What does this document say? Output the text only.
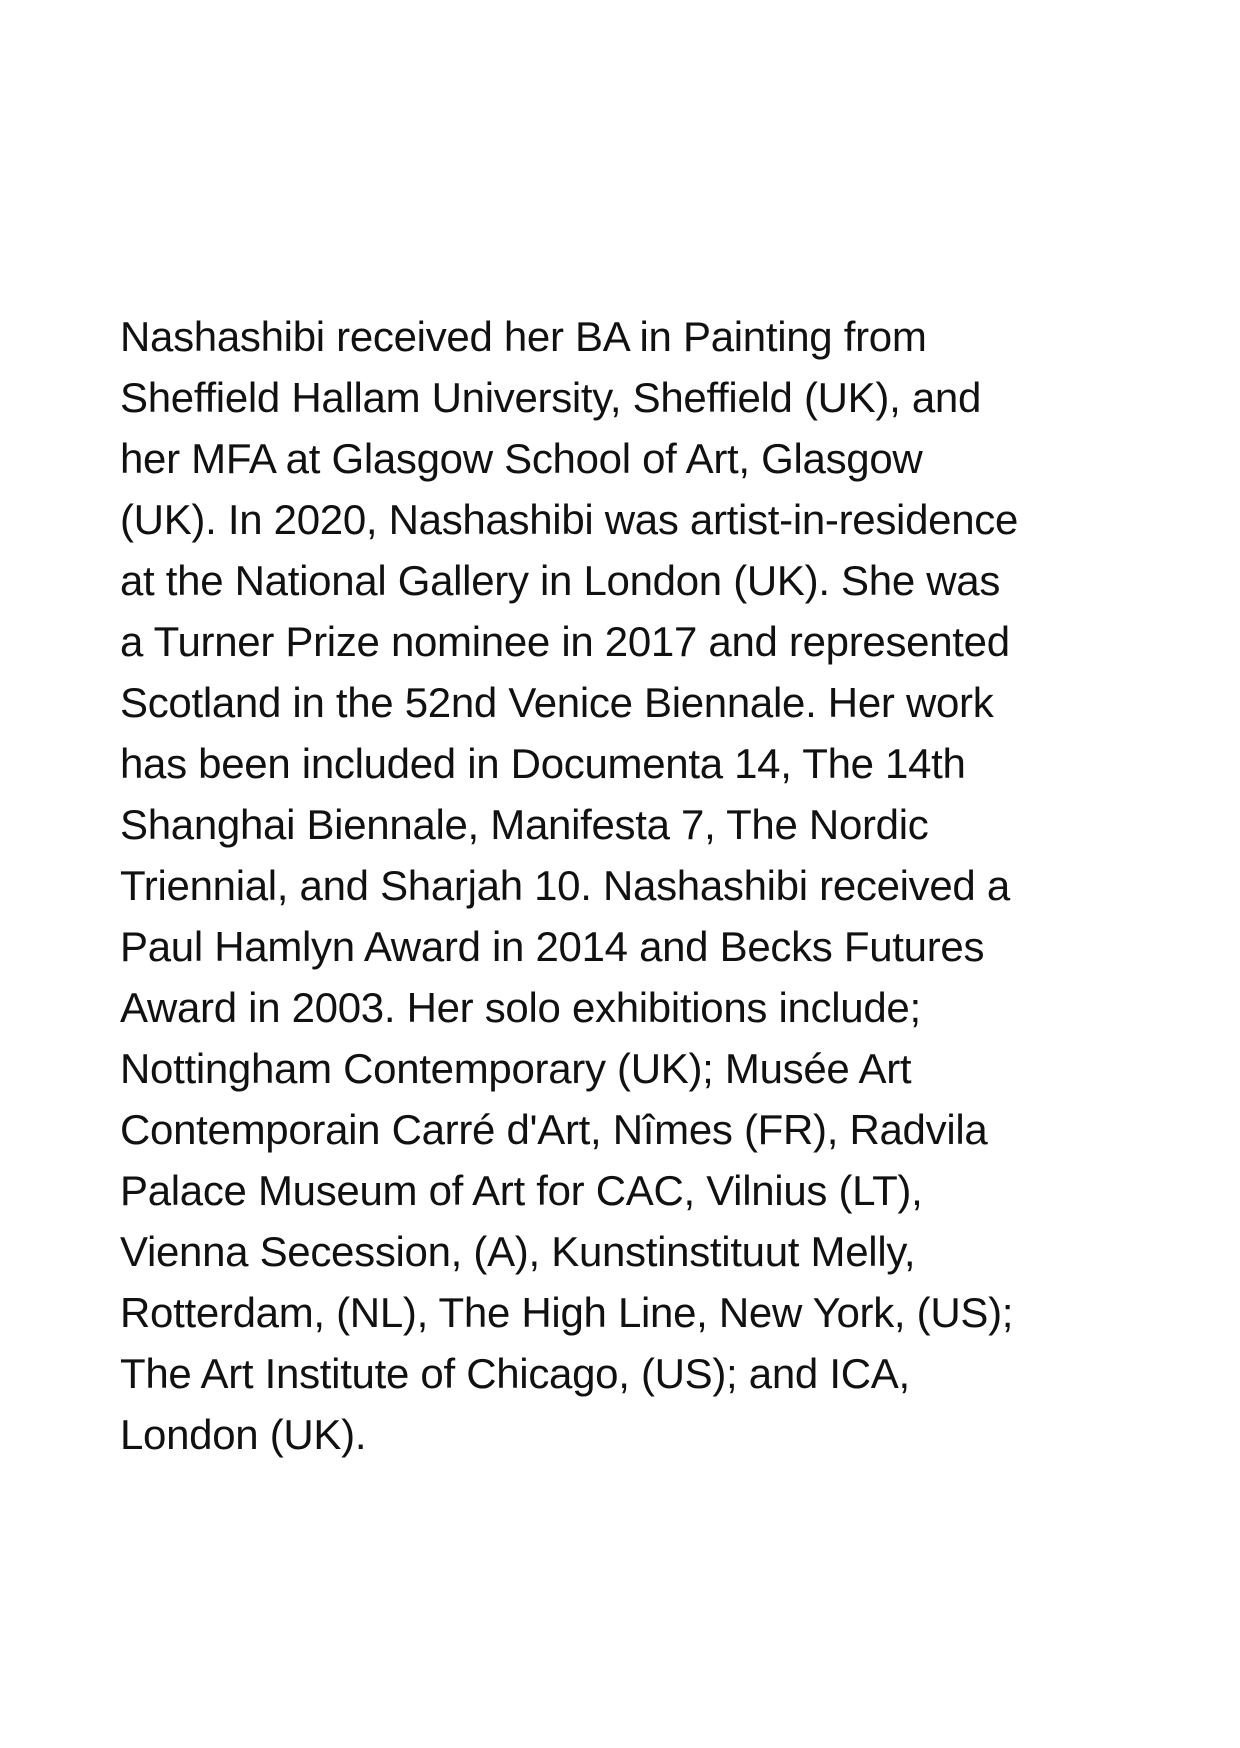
Nashashibi received her BA in Painting from
Sheffield Hallam University, Sheffield (UK), and
her MFA at Glasgow School of Art, Glasgow
(UK). In 2020, Nashashibi was artist-in-residence
at the National Gallery in London (UK). She was
a Turner Prize nominee in 2017 and represented
Scotland in the 52nd Venice Biennale. Her work
has been included in Documenta 14, The 14th
Shanghai Biennale, Manifesta 7, The Nordic
Triennial, and Sharjah 10. Nashashibi received a
Paul Hamlyn Award in 2014 and Becks Futures
Award in 2003. Her solo exhibitions include;
Nottingham Contemporary (UK); Musée Art
Contemporain Carré d'Art, Nîmes (FR), Radvila
Palace Museum of Art for CAC, Vilnius (LT),
Vienna Secession, (A), Kunstinstituut Melly,
Rotterdam, (NL), The High Line, New York, (US);
The Art Institute of Chicago, (US); and ICA,
London (UK).
